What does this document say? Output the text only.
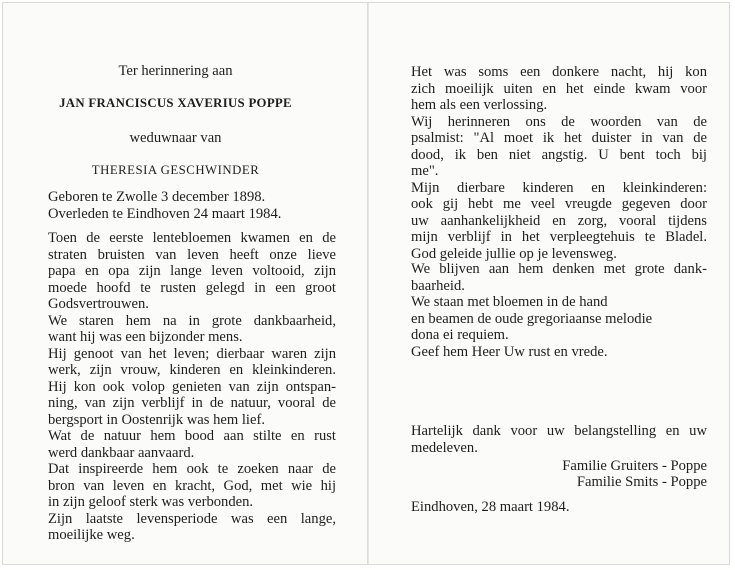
Ter herinnering aan
JAN FRANCISCUS XAVERIUS POPPE
weduwnaar van
THERESIA GESCHWINDER
Geboren te Zwolle 3 december 1898.
Overleden te Eindhoven 24 maart 1984.
Toen de eerste lentebloemen kwamen en de
straten bruisten van leven heeft onze lieve
papa en opa zijn lange leven voltooid, zijn
moede hoofd te rusten gelegd in een groot
Godsvertrouwen.
We staren hem na in grote dankbaarheid,
want hij was een bijzonder mens.
Hij genoot van het leven; dierbaar waren zijn
werk, zijn vrouw, kinderen en kleinkinderen.
Hij kon ook volop genieten van zijn ontspan-
ning, van zijn verblijf in de natuur, vooral de
bergsport in Oostenrijk was hem lief.
Wat de natuur hem bood aan stilte en rust
werd dankbaar aanvaard.
Dat inspireerde hem ook te zoeken naar de
bron van leven en kracht, God, met wie hij
in zijn geloof sterk was verbonden.
Zijn laatste levensperiode was een lange,
moeilijke weg.
Het was soms een donkere nacht, hij kon
zich moeilijk uiten en het einde kwam voor
hem als een verlossing.
Wij herinneren ons de woorden van de
psalmist: "Al moet ik het duister in van de
dood, ik ben niet angstig. U bent toch bij
me".
Mijn dierbare kinderen en kleinkinderen:
ook gij hebt me veel vreugde gegeven door
uw aanhankelijkheid en zorg, vooral tijdens
mijn verblijf in het verpleegtehuis te Bladel.
God geleide jullie op je levensweg.
We blijven aan hem denken met grote dank-
baarheid.
We staan met bloemen in de hand
en beamen de oude gregoriaanse melodie
dona ei requiem.
Geef hem Heer Uw rust en vrede.
Hartelijk dank voor uw belangstelling en uw
medeleven.
Familie Gruiters - Poppe
Familie Smits - Poppe
Eindhoven, 28 maart 1984.
